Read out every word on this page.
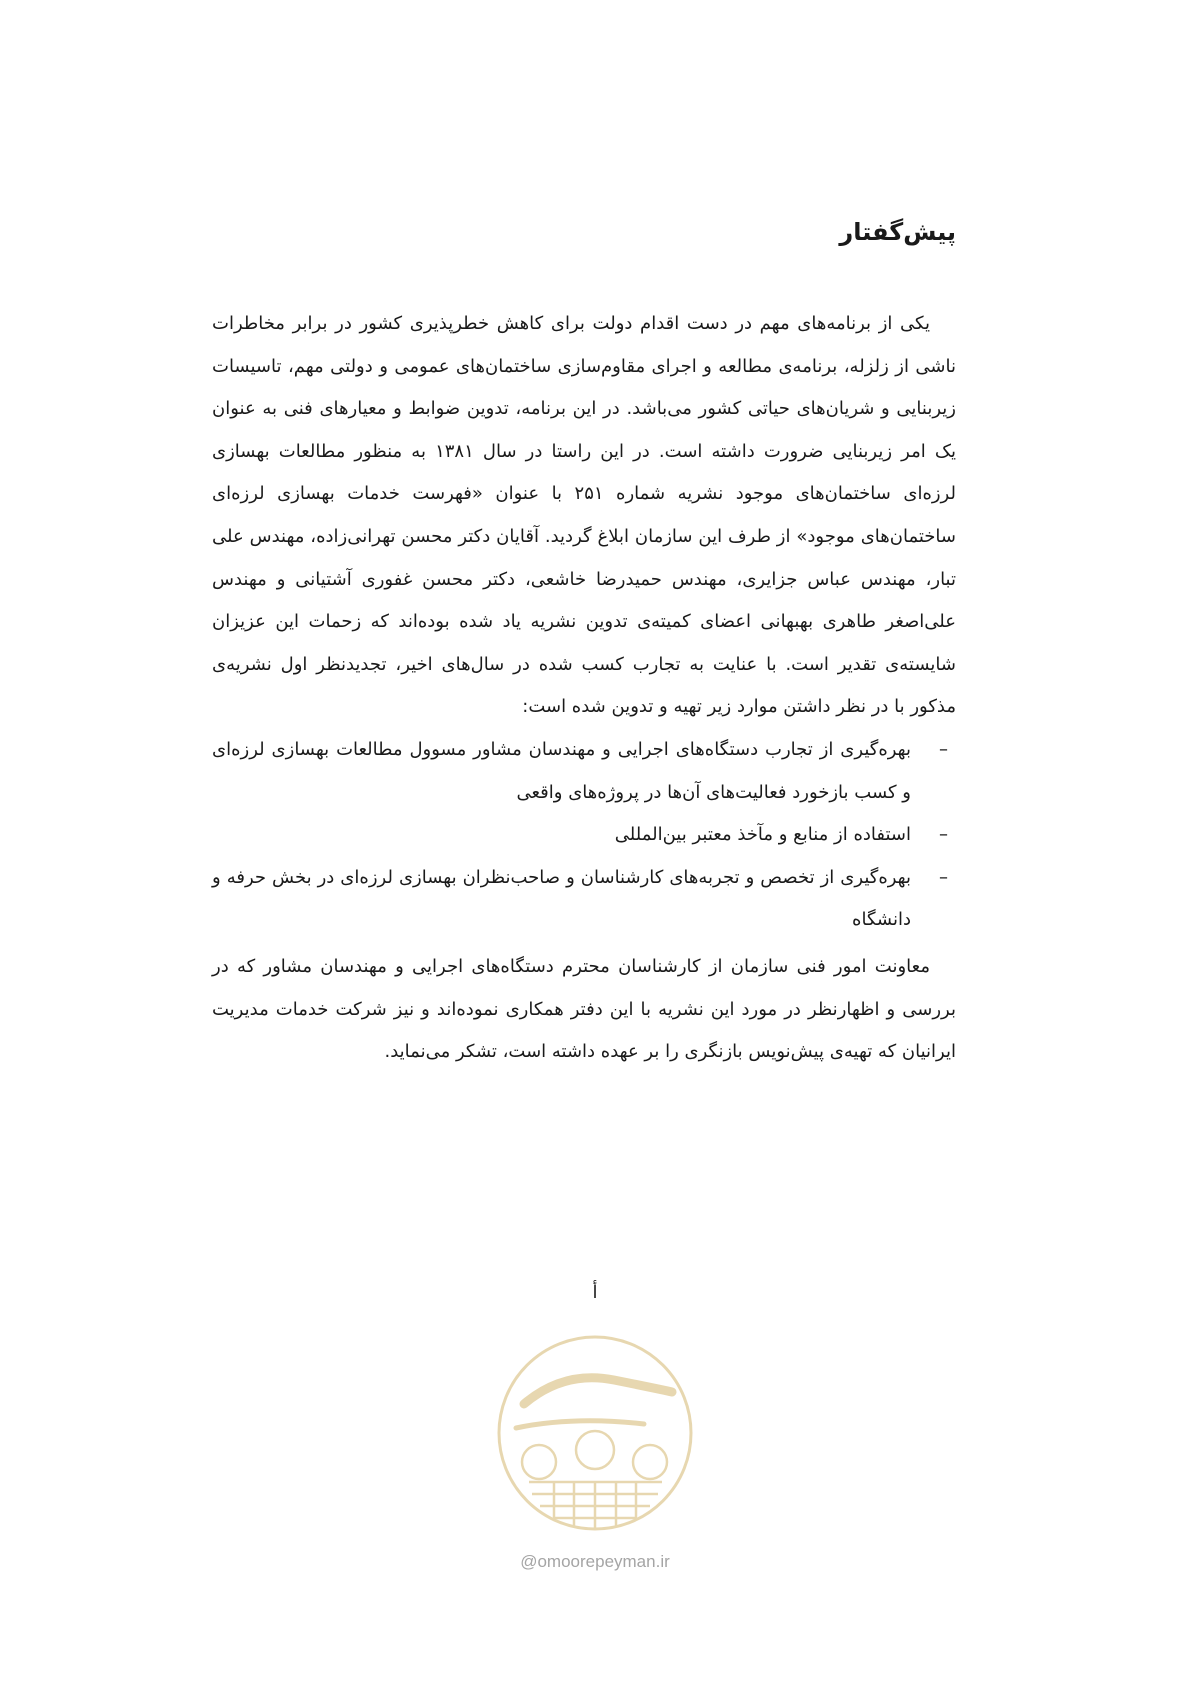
پیش‌گفتار

یکی از برنامه‌های مهم در دست اقدام دولت برای کاهش خطرپذیری کشور در برابر مخاطرات ناشی از زلزله، برنامه‌ی مطالعه و اجرای مقاوم‌سازی ساختمان‌های عمومی و دولتی مهم، تاسیسات زیربنایی و شریان‌های حیاتی کشور می‌باشد. در این برنامه، تدوین ضوابط و معیارهای فنی به عنوان یک امر زیربنایی ضرورت داشته است. در این راستا در سال ۱۳۸۱ به منظور مطالعات بهسازی لرزه‌ای ساختمان‌های موجود نشریه شماره ۲۵۱ با عنوان «فهرست خدمات بهسازی لرزه‌ای ساختمان‌های موجود» از طرف این سازمان ابلاغ گردید. آقایان دکتر محسن تهرانی‌زاده، مهندس علی تبار، مهندس عباس جزایری، مهندس حمیدرضا خاشعی، دکتر محسن غفوری آشتیانی و مهندس علی‌اصغر طاهری بهبهانی اعضای کمیته‌ی تدوین نشریه یاد شده بوده‌اند که زحمات این عزیزان شایسته‌ی تقدیر است. با عنایت به تجارب کسب شده در سال‌های اخیر، تجدیدنظر اول نشریه‌ی مذکور با در نظر داشتن موارد زیر تهیه و تدوین شده است:

–
بهره‌گیری از تجارب دستگاه‌های اجرایی و مهندسان مشاور مسوول مطالعات بهسازی لرزه‌ای و کسب بازخورد فعالیت‌های آن‌ها در پروژه‌های واقعی
–
استفاده از منابع و مآخذ معتبر بین‌المللی
–
بهره‌گیری از تخصص و تجربه‌های کارشناسان و صاحب‌نظران بهسازی لرزه‌ای در بخش حرفه و دانشگاه

معاونت امور فنی سازمان از کارشناسان محترم دستگاه‌های اجرایی و مهندسان مشاور که در بررسی و اظهارنظر در مورد این نشریه با این دفتر همکاری نموده‌اند و نیز شرکت خدمات مدیریت ایرانیان که تهیه‌ی پیش‌نویس بازنگری را بر عهده داشته است، تشکر می‌نماید.

أ
@omoorepeyman.ir
